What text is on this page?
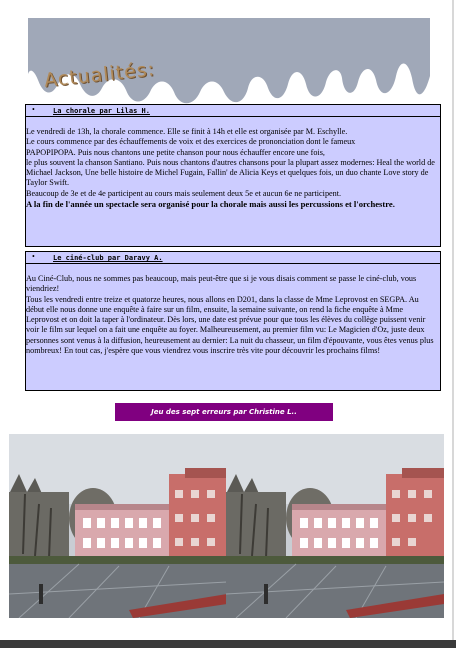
Actualités:
•	La chorale par Lilas H.

Le vendredi de 13h, la chorale commence. Elle se finit à 14h et elle est organisée par M. Eschylle.

Le cours commence par des échauffements de voix et des exercices de prononciation dont le fameux

PAPOPIPOPA. Puis nous chantons une petite chanson pour nous échauffer encore une fois,

le plus souvent la chanson Santiano. Puis nous chantons d'autres chansons pour la plupart assez modernes: Heal the world de Michael Jackson, Une belle histoire de Michel Fugain, Fallin' de Alicia Keys et quelques fois, un duo chante Love story de Taylor Swift.

Beaucoup de 3e et de 4e participent au cours mais seulement deux 5e et aucun 6e ne participent.

A la fin de l'année un spectacle sera organisé pour la chorale mais aussi les percussions et l'orchestre.

•	Le ciné-club par Daravy A.

Au Ciné-Club, nous ne sommes pas beaucoup, mais peut-être que si je vous disais comment se passe le ciné-club, vous viendriez!

Tous les vendredi entre treize et quatorze heures, nous allons en D201, dans la classe de Mme Leprovost en SEGPA. Au début elle nous donne une enquête à faire sur un film, ensuite, la semaine suivante, on rend la fiche enquête à Mme Leprovost et on doit la taper à l'ordinateur. Dès lors, une date est prévue pour que tous les élèves du collège puissent venir voir le film sur lequel on a fait une enquête au foyer. Malheureusement, au premier film vu: Le Magicien d'Oz, juste deux personnes sont venus à la diffusion, heureusement au dernier: La nuit du chasseur, un film d'épouvante, vous êtes venus plus nombreux! En tout cas, j'espère que vous viendrez vous inscrire très vite pour découvrir les prochains films!

Jeu des sept erreurs par Christine L..
